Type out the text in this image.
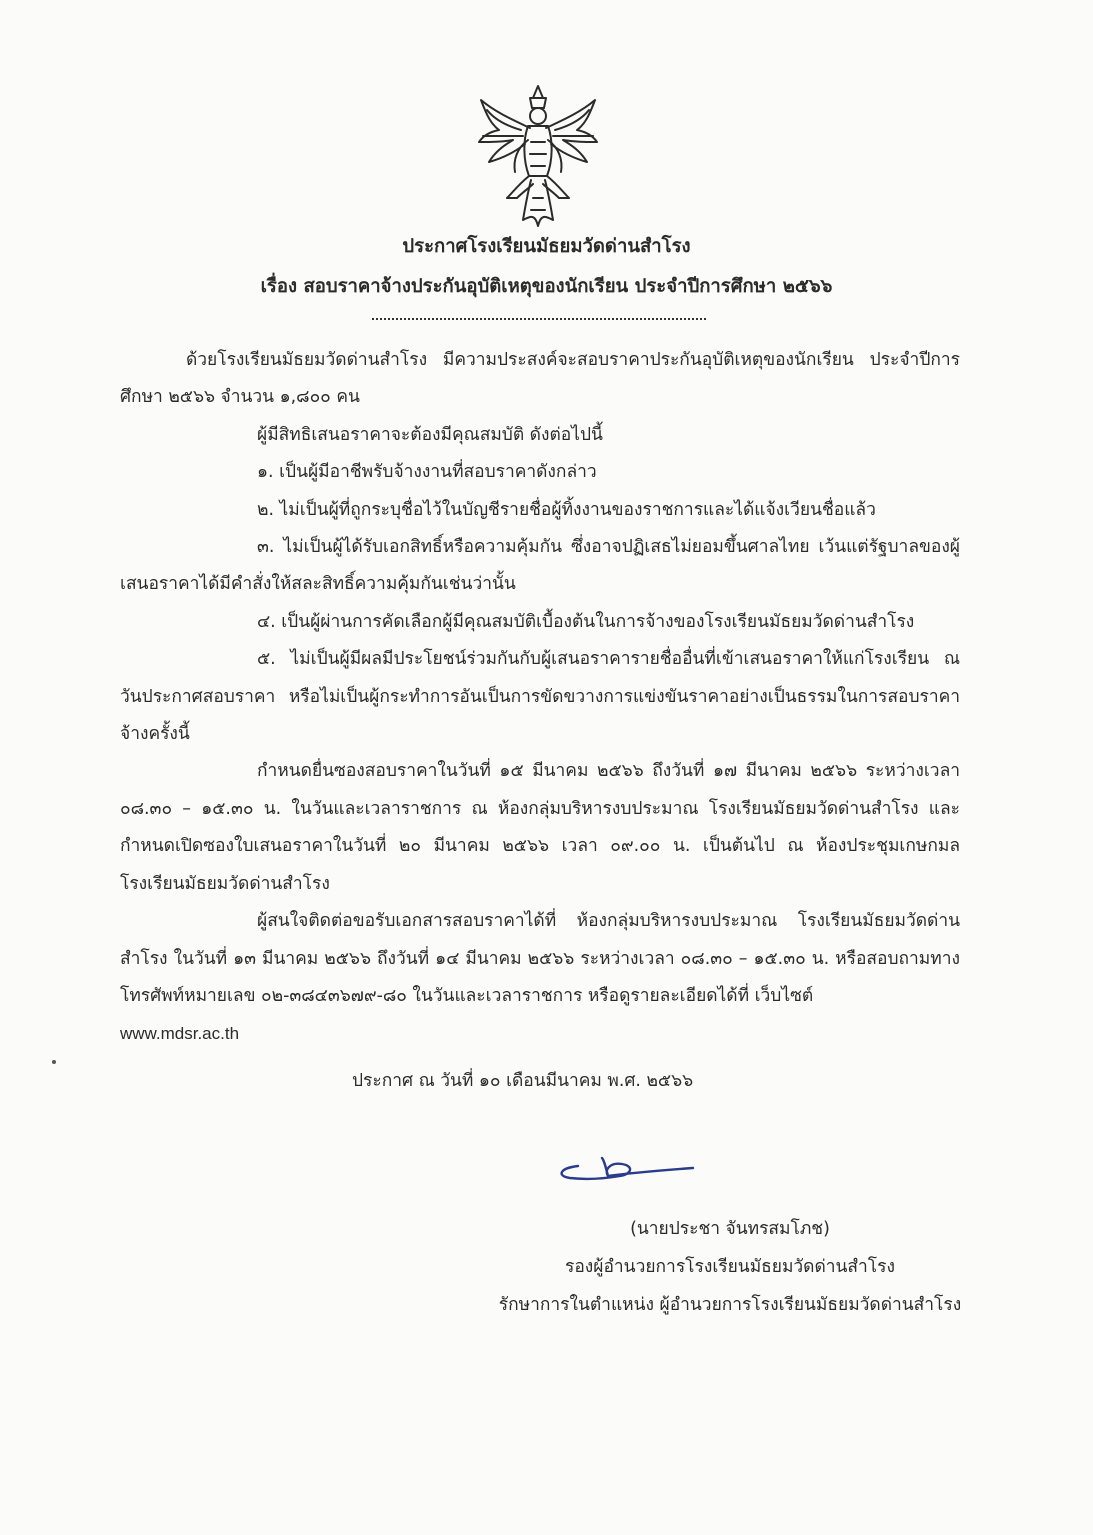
ประกาศโรงเรียนมัธยมวัดด่านสำโรง
เรื่อง สอบราคาจ้างประกันอุบัติเหตุของนักเรียน ประจำปีการศึกษา ๒๕๖๖

ด้วยโรงเรียนมัธยมวัดด่านสำโรง มีความประสงค์จะสอบราคาประกันอุบัติเหตุของนักเรียน ประจำปีการศึกษา ๒๕๖๖ จำนวน ๑,๘๐๐ คน

ผู้มีสิทธิเสนอราคาจะต้องมีคุณสมบัติ ดังต่อไปนี้

๑. เป็นผู้มีอาชีพรับจ้างงานที่สอบราคาดังกล่าว

๒. ไม่เป็นผู้ที่ถูกระบุชื่อไว้ในบัญชีรายชื่อผู้ทิ้งงานของราชการและได้แจ้งเวียนชื่อแล้ว

๓. ไม่เป็นผู้ได้รับเอกสิทธิ์หรือความคุ้มกัน ซึ่งอาจปฏิเสธไม่ยอมขึ้นศาลไทย เว้นแต่รัฐบาลของผู้เสนอราคาได้มีคำสั่งให้สละสิทธิ์ความคุ้มกันเช่นว่านั้น

๔. เป็นผู้ผ่านการคัดเลือกผู้มีคุณสมบัติเบื้องต้นในการจ้างของโรงเรียนมัธยมวัดด่านสำโรง

๕. ไม่เป็นผู้มีผลมีประโยชน์ร่วมกันกับผู้เสนอราคารายชื่ออื่นที่เข้าเสนอราคาให้แก่โรงเรียน ณ วันประกาศสอบราคา หรือไม่เป็นผู้กระทำการอันเป็นการขัดขวางการแข่งขันราคาอย่างเป็นธรรมในการสอบราคาจ้างครั้งนี้

กำหนดยื่นซองสอบราคาในวันที่ ๑๕ มีนาคม ๒๕๖๖ ถึงวันที่ ๑๗ มีนาคม ๒๕๖๖ ระหว่างเวลา ๐๘.๓๐ – ๑๕.๓๐ น. ในวันและเวลาราชการ ณ ห้องกลุ่มบริหารงบประมาณ โรงเรียนมัธยมวัดด่านสำโรง และกำหนดเปิดซองใบเสนอราคาในวันที่ ๒๐ มีนาคม ๒๕๖๖ เวลา ๐๙.๐๐ น. เป็นต้นไป ณ ห้องประชุมเกษกมล โรงเรียนมัธยมวัดด่านสำโรง

ผู้สนใจติดต่อขอรับเอกสารสอบราคาได้ที่ ห้องกลุ่มบริหารงบประมาณ โรงเรียนมัธยมวัดด่านสำโรง ในวันที่ ๑๓ มีนาคม ๒๕๖๖ ถึงวันที่ ๑๔ มีนาคม ๒๕๖๖ ระหว่างเวลา ๐๘.๓๐ – ๑๕.๓๐ น. หรือสอบถามทางโทรศัพท์หมายเลข ๐๒-๓๘๔๓๖๗๙-๘๐ ในวันและเวลาราชการ หรือดูรายละเอียดได้ที่ เว็บไซต์

www.mdsr.ac.th

ประกาศ ณ วันที่ ๑๐ เดือนมีนาคม พ.ศ. ๒๕๖๖
(นายประชา จันทรสมโภช)
รองผู้อำนวยการโรงเรียนมัธยมวัดด่านสำโรง
รักษาการในตำแหน่ง ผู้อำนวยการโรงเรียนมัธยมวัดด่านสำโรง
